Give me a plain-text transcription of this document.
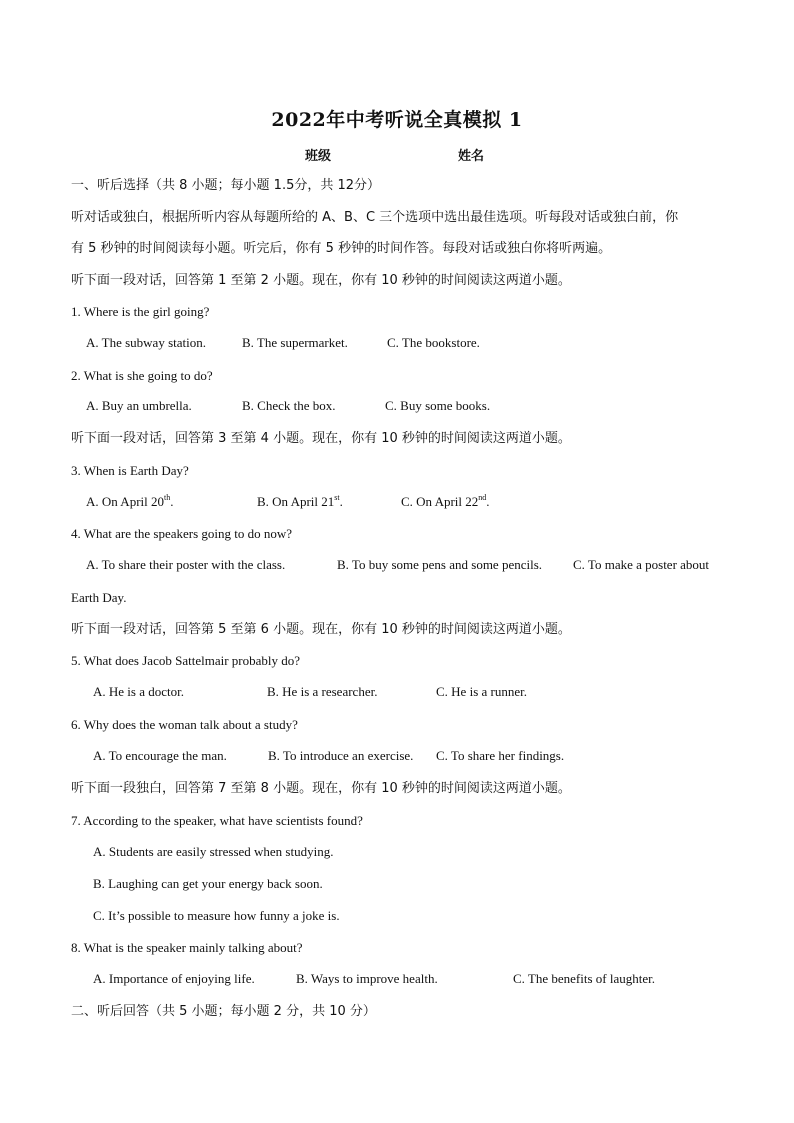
2022年中考听说全真模拟 1
班级	姓名
一、听后选择（共 8 小题；每小题 1.5分，共 12分）
听对话或独白，根据所听内容从每题所给的 A、B、C 三个选项中选出最佳选项。听每段对话或独白前，你
有 5 秒钟的时间阅读每小题。听完后，你有 5 秒钟的时间作答。每段对话或独白你将听两遍。
听下面一段对话，回答第 1 至第 2 小题。现在，你有 10 秒钟的时间阅读这两道小题。
1. Where is the girl going?
A. The subway station.	B. The supermarket.	C. The bookstore.
2. What is she going to do?
A. Buy an umbrella.	B. Check the box.	C. Buy some books.
听下面一段对话，回答第 3 至第 4 小题。现在，你有 10 秒钟的时间阅读这两道小题。
3. When is Earth Day?
A. On April 20th.	B. On April 21st.	C. On April 22nd.
4. What are the speakers going to do now?
A. To share their poster with the class.	B. To buy some pens and some pencils. C. To make a poster about
Earth Day.
听下面一段对话，回答第 5 至第 6 小题。现在，你有 10 秒钟的时间阅读这两道小题。
5. What does Jacob Sattelmair probably do?
A. He is a doctor.	B. He is a researcher.	C. He is a runner.
6. Why does the woman talk about a study?
A. To encourage the man.	B. To introduce an exercise. C. To share her findings.
听下面一段独白，回答第 7 至第 8 小题。现在，你有 10 秒钟的时间阅读这两道小题。
7. According to the speaker, what have scientists found?
A. Students are easily stressed when studying.
B. Laughing can get your energy back soon.
C. It’s possible to measure how funny a joke is.
8. What is the speaker mainly talking about?
A. Importance of enjoying life.	B. Ways to improve health.	C. The benefits of laughter.
二、听后回答（共 5 小题；每小题 2 分，共 10 分）
